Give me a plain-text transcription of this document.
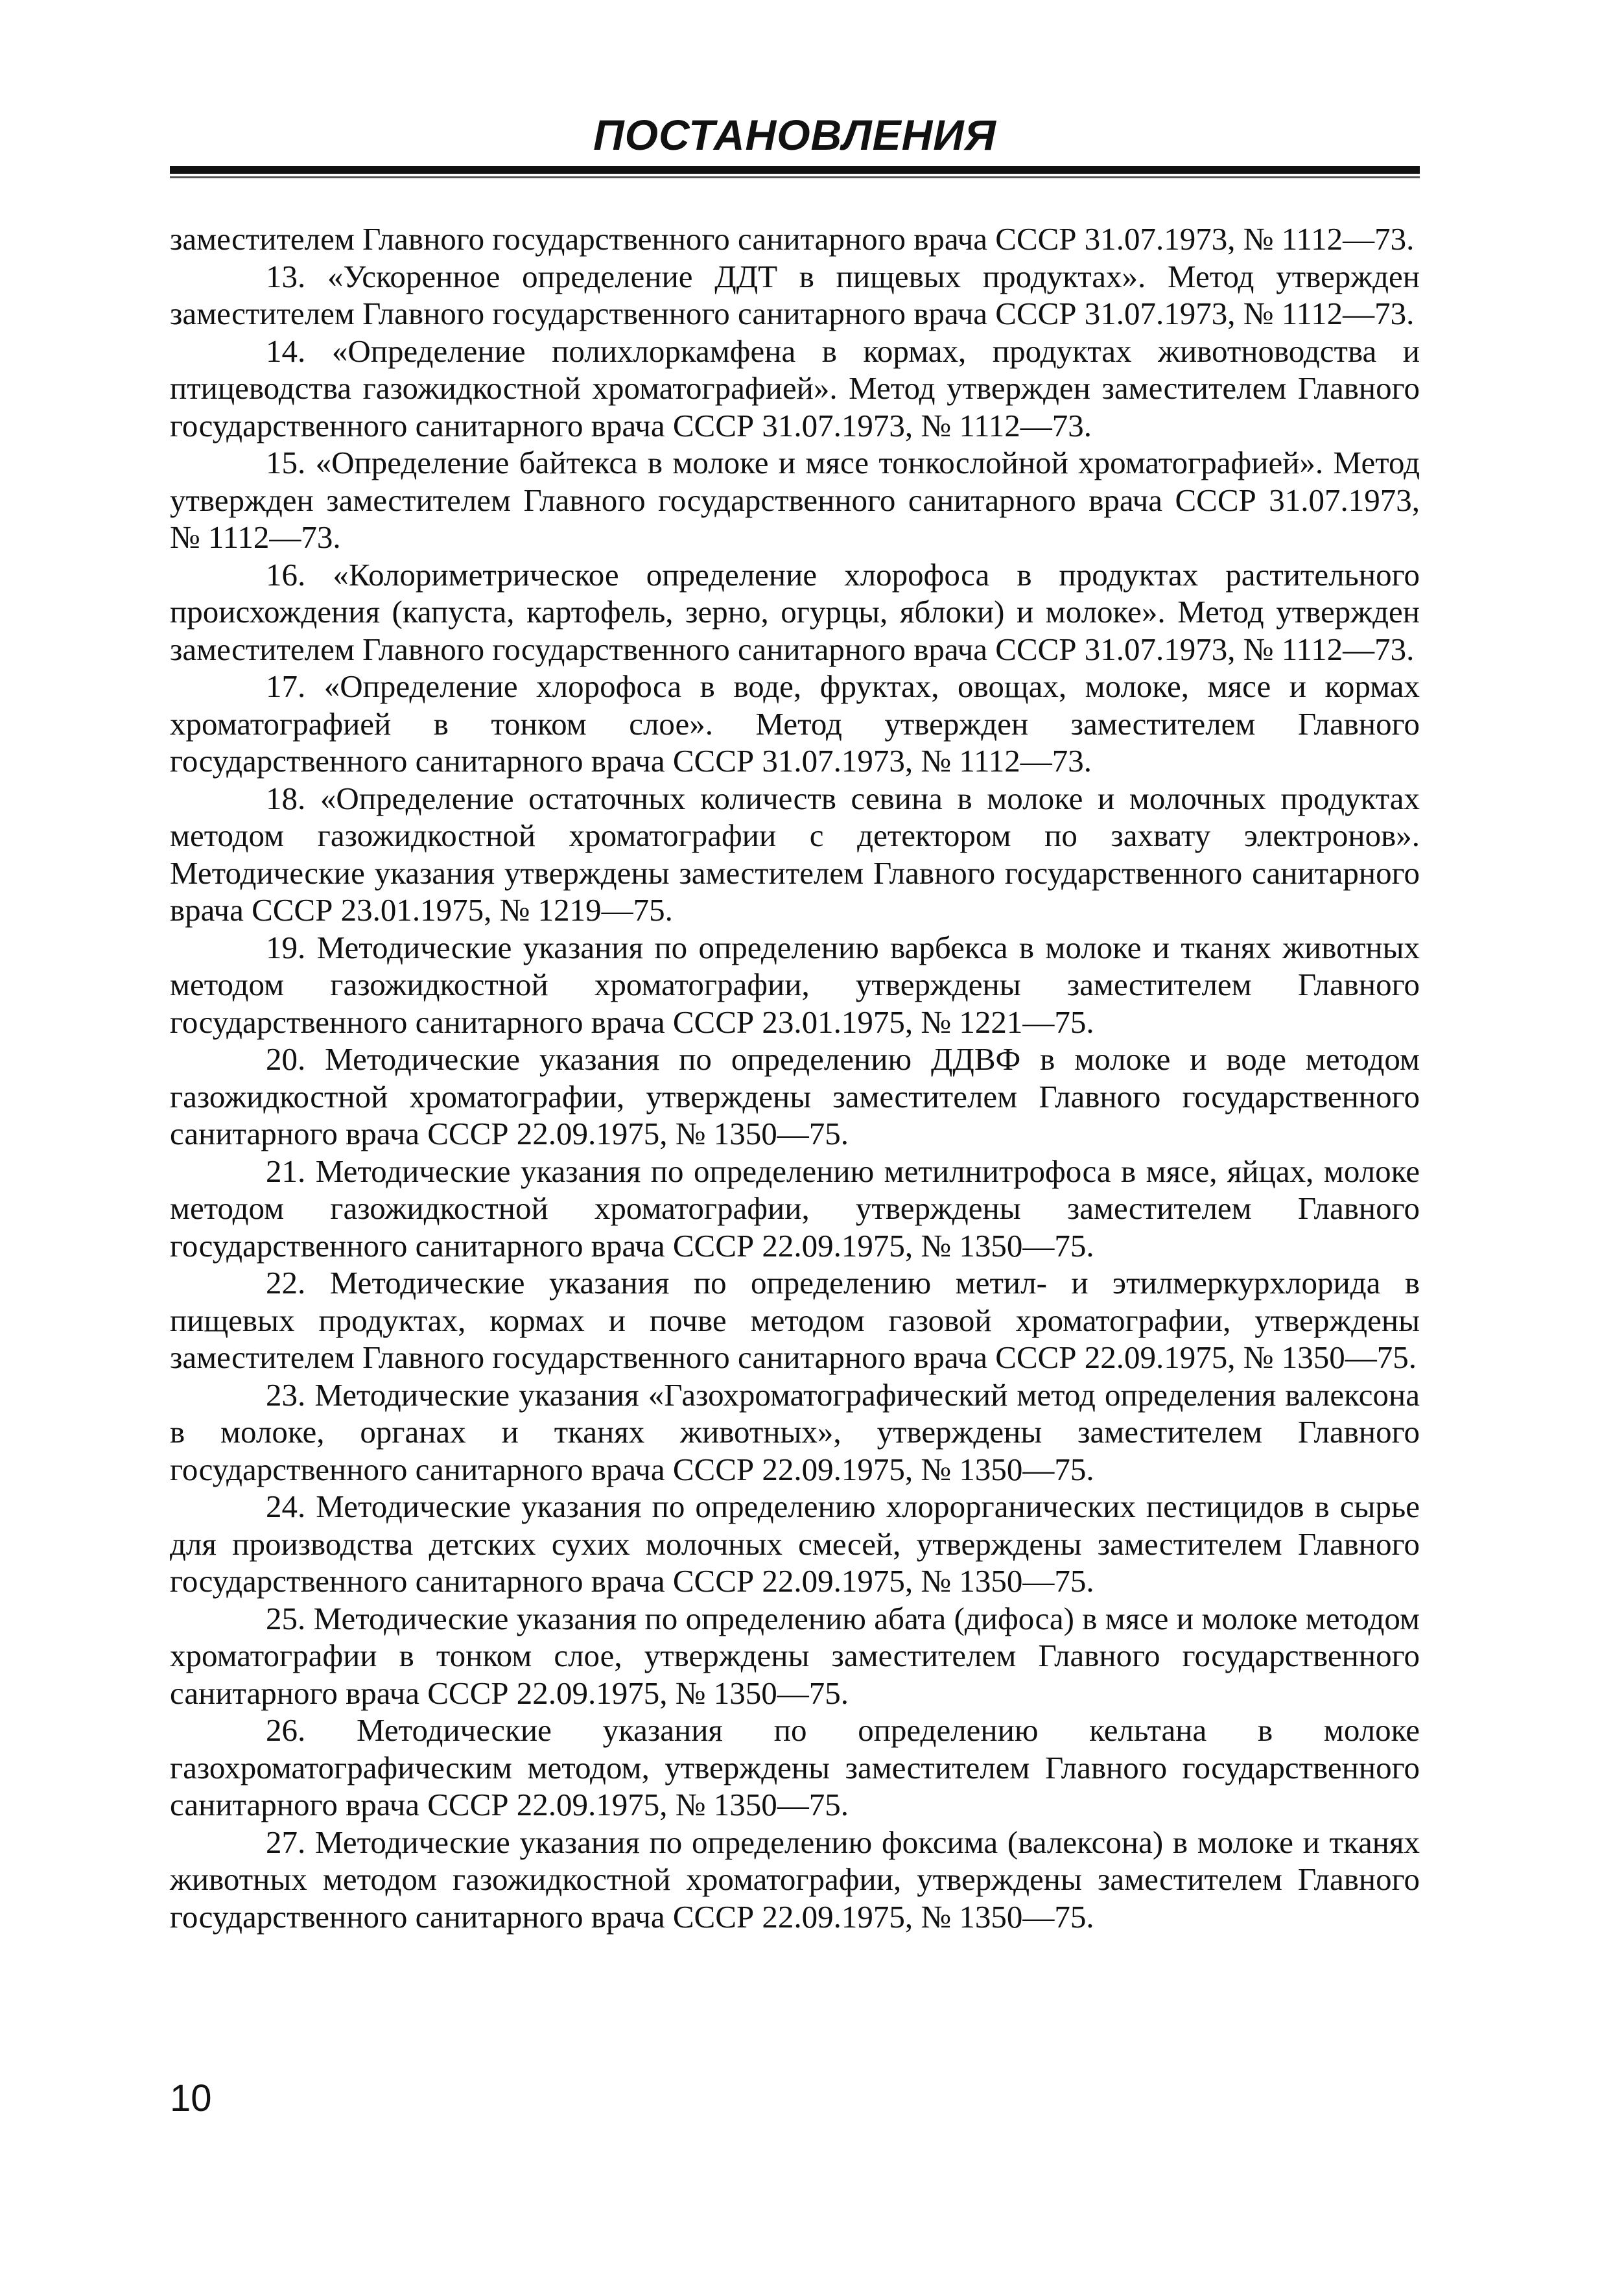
ПОСТАНОВЛЕНИЯ

заместителем Главного государственного санитарного врача СССР 31.07.1973, № 1112—73.

13. «Ускоренное определение ДДТ в пищевых продуктах». Метод утвержден заместителем Главного государственного санитарного врача СССР 31.07.1973, № 1112—73.

14. «Определение полихлоркамфена в кормах, продуктах животноводства и птицеводства газожидкостной хроматографией». Метод утвержден заместителем Главного государственного санитарного врача СССР 31.07.1973, № 1112—73.

15. «Определение байтекса в молоке и мясе тонкослойной хроматографией». Метод утвержден заместителем Главного государственного санитарного врача СССР 31.07.1973, № 1112—73.

16. «Колориметрическое определение хлорофоса в продуктах растительного происхождения (капуста, картофель, зерно, огурцы, яблоки) и молоке». Метод утвержден заместителем Главного государственного санитарного врача СССР 31.07.1973, № 1112—73.

17. «Определение хлорофоса в воде, фруктах, овощах, молоке, мясе и кормах хроматографией в тонком слое». Метод утвержден заместителем Главного государственного санитарного врача СССР 31.07.1973, № 1112—73.

18. «Определение остаточных количеств севина в молоке и молочных продуктах методом газожидкостной хроматографии с детектором по захвату электронов». Методические указания утверждены заместителем Главного государственного санитарного врача СССР 23.01.1975, № 1219—75.

19. Методические указания по определению варбекса в молоке и тканях животных методом газожидкостной хроматографии, утверждены заместителем Главного государственного санитарного врача СССР 23.01.1975, № 1221—75.

20. Методические указания по определению ДДВФ в молоке и воде методом газожидкостной хроматографии, утверждены заместителем Главного государственного санитарного врача СССР 22.09.1975, № 1350—75.

21. Методические указания по определению метилнитрофоса в мясе, яйцах, молоке методом газожидкостной хроматографии, утверждены заместителем Главного государственного санитарного врача СССР 22.09.1975, № 1350—75.

22. Методические указания по определению метил- и этилмеркурхлорида в пищевых продуктах, кормах и почве методом газовой хроматографии, утверждены заместителем Главного государственного санитарного врача СССР 22.09.1975, № 1350—75.

23. Методические указания «Газохроматографический метод определения валексона в молоке, органах и тканях животных», утверждены заместителем Главного государственного санитарного врача СССР 22.09.1975, № 1350—75.

24. Методические указания по определению хлорорганических пестицидов в сырье для производства детских сухих молочных смесей, утверждены заместителем Главного государственного санитарного врача СССР 22.09.1975, № 1350—75.

25. Методические указания по определению абата (дифоса) в мясе и молоке методом хроматографии в тонком слое, утверждены заместителем Главного государственного санитарного врача СССР 22.09.1975, № 1350—75.

26. Методические указания по определению кельтана в молоке газохроматографическим методом, утверждены заместителем Главного государственного санитарного врача СССР 22.09.1975, № 1350—75.

27. Методические указания по определению фоксима (валексона) в молоке и тканях животных методом газожидкостной хроматографии, утверждены заместителем Главного государственного санитарного врача СССР 22.09.1975, № 1350—75.

10
